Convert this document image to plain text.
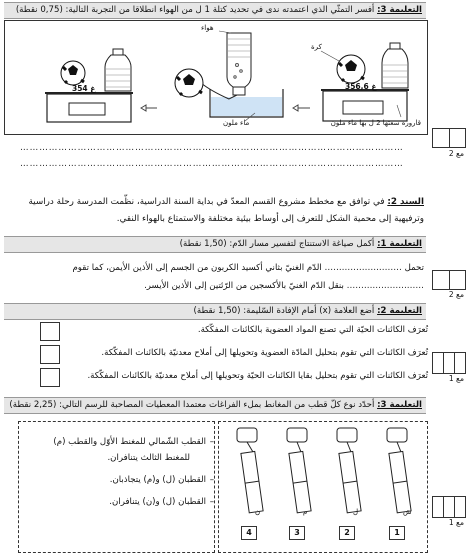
التعليمة 3: أفسر التمثّي الذي اعتمدته ندى في تحديد كتلة 1 ل من الهواء انطلاقا من التجربة التالية: (0,75 نقطة)
354 غ	356,6 غ
كرة
هواء
ماء ملون	قارورة سعتها 2 ل بها ماء ملون
مع 2
…………………………………………………………………………………………………………
…………………………………………………………………………………………………………
السند 2: في توافق مع مخطط مشروع القسم المعدّ في بداية السنة الدراسية، نظّمت المدرسة رحلة دراسية
وترفيهية إلى محمية الشكل للتعرف إلى أوساط بيئية مختلفة والاستمتاع بالهواء النقي.
التعليمة 1: أكمل صياغة الاستنتاج لتفسير مسار الدّم: (1,50 نقطة)
تحمل ……………………… الدّم الغنيّ بثاني أكسيد الكربون من الجسم إلى الأذين الأيمن، كما تقوم
……………………… بنقل الدّم الغنيّ بالأكسجين من الرّئتين إلى الأذين الأيسر.
مع 2
التعليمة 2: أضع العلامة (x) أمام الإفادة السّليمة: (1,50 نقطة)
تُعرَف الكائنات الحيّة التي تصنع المواد العضوية بالكائنات المفكّكة.
تُعرَف الكائنات التي تقوم بتحليل المادّة العضوية وتحويلها إلى أملاح معدنيّة بالكائنات المفكّكة.
تُعرَف الكائنات التي تقوم بتحليل بقايا الكائنات الحيّة وتحويلها إلى أملاح معدنيّة بالكائنات المفكّكة.	مع 1
التعليمة 3: أحدّد نوع كلّ قطب من المغانط بملء الفراغات معتمدا المعطيات المصاحبة للرسم التالي: (2,25 نقطة)
القطب الشّمالي للمغنط الأوّل والقطب (م)
للمغنط الثالث يتنافران.
القطبان (ل) و(م) يتجاذبان.
القطبان (ل) و(ن) يتنافران.
–
–
–
ن	م	ل	ش
4	3	2	1
مع 1
